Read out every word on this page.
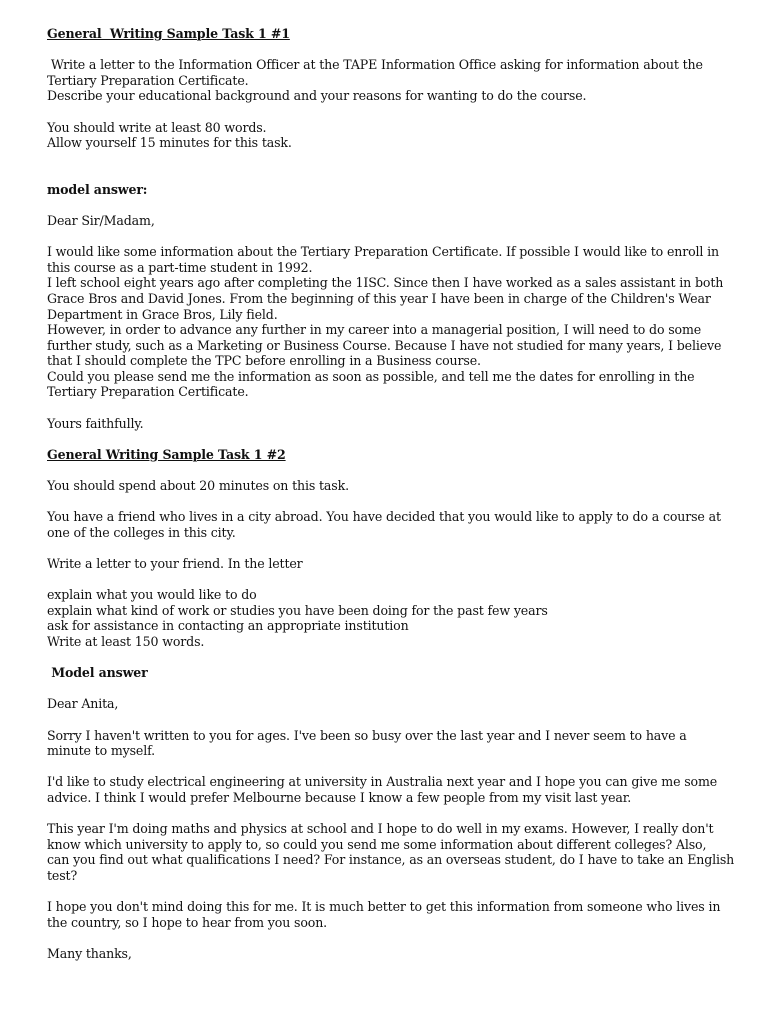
General  Writing Sample Task 1 #1
Write a letter to the Information Officer at the TAPE Information Office asking for information about the
Tertiary Preparation Certificate.
Describe your educational background and your reasons for wanting to do the course.
You should write at least 80 words.
Allow yourself 15 minutes for this task.
model answer:
Dear Sir/Madam,
I would like some information about the Tertiary Preparation Certificate. If possible I would like to enroll in
this course as a part-time student in 1992.
I left school eight years ago after completing the 1ISC. Since then I have worked as a sales assistant in both
Grace Bros and David Jones. From the beginning of this year I have been in charge of the Children's Wear
Department in Grace Bros, Lily field.
However, in order to advance any further in my career into a managerial position, I will need to do some
further study, such as a Marketing or Business Course. Because I have not studied for many years, I believe
that I should complete the TPC before enrolling in a Business course.
Could you please send me the information as soon as possible, and tell me the dates for enrolling in the
Tertiary Preparation Certificate.
Yours faithfully.
General Writing Sample Task 1 #2
You should spend about 20 minutes on this task.
You have a friend who lives in a city abroad. You have decided that you would like to apply to do a course at
one of the colleges in this city.
Write a letter to your friend. In the letter
explain what you would like to do
explain what kind of work or studies you have been doing for the past few years
ask for assistance in contacting an appropriate institution
Write at least 150 words.
Model answer
Dear Anita,
Sorry I haven't written to you for ages. I've been so busy over the last year and I never seem to have a
minute to myself.
I'd like to study electrical engineering at university in Australia next year and I hope you can give me some
advice. I think I would prefer Melbourne because I know a few people from my visit last year.
This year I'm doing maths and physics at school and I hope to do well in my exams. However, I really don't
know which university to apply to, so could you send me some information about different colleges? Also,
can you find out what qualifications I need? For instance, as an overseas student, do I have to take an English
test?
I hope you don't mind doing this for me. It is much better to get this information from someone who lives in
the country, so I hope to hear from you soon.
Many thanks,
